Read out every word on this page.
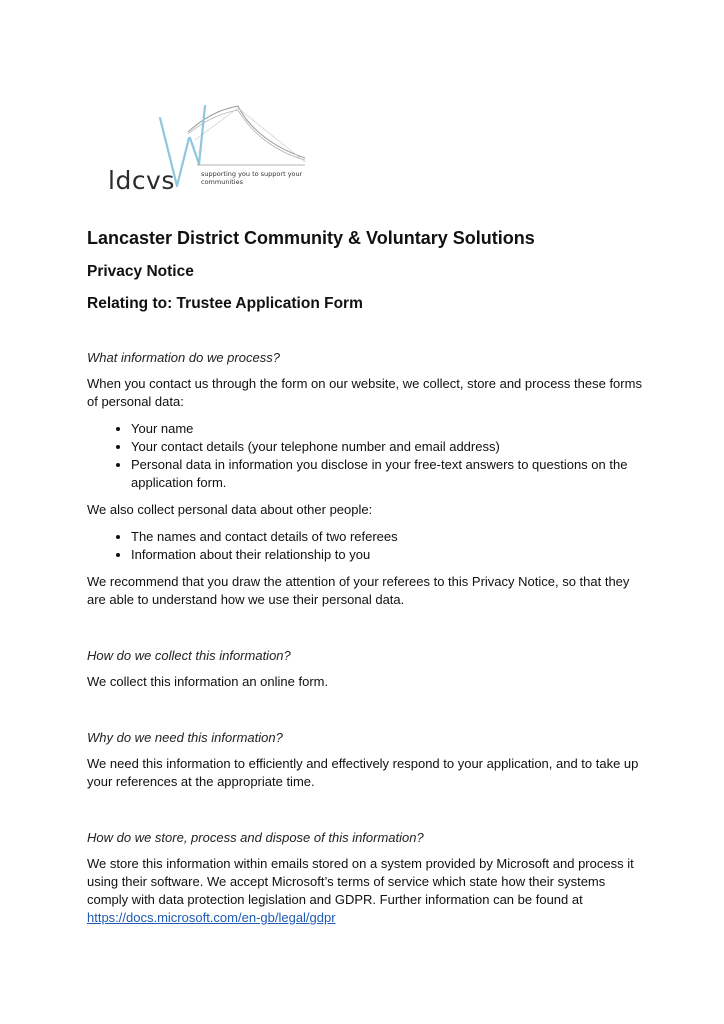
ldcvs	supporting you to support your communities
Lancaster District Community & Voluntary Solutions
Privacy Notice
Relating to: Trustee Application Form
What information do we process?

When you contact us through the form on our website, we collect, store and process these forms of personal data:

• Your name
• Your contact details (your telephone number and email address)
• Personal data in information you disclose in your free-text answers to questions on the application form.

We also collect personal data about other people:

• The names and contact details of two referees
• Information about their relationship to you

We recommend that you draw the attention of your referees to this Privacy Notice, so that they are able to understand how we use their personal data.

How do we collect this information?

We collect this information an online form.

Why do we need this information?

We need this information to efficiently and effectively respond to your application, and to take up your references at the appropriate time.

How do we store, process and dispose of this information?

We store this information within emails stored on a system provided by Microsoft and process it using their software. We accept Microsoft’s terms of service which state how their systems comply with data protection legislation and GDPR. Further information can be found at https://docs.microsoft.com/en-gb/legal/gdpr
